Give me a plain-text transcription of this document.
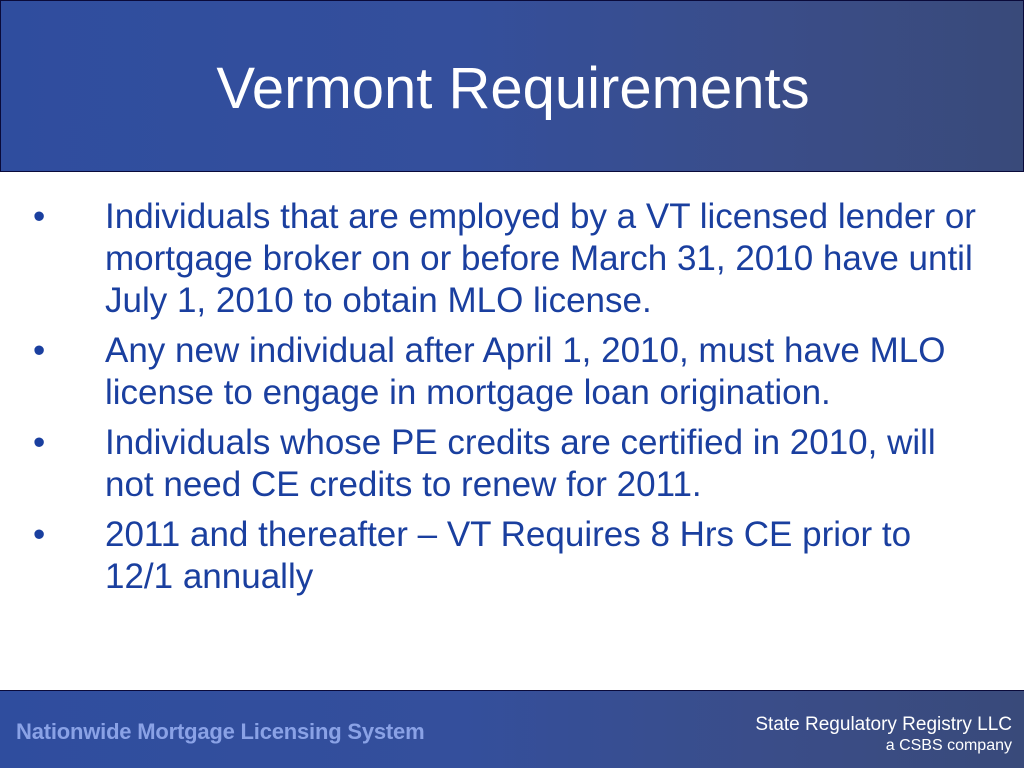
Vermont Requirements
•	Individuals that are employed by a VT licensed lender or mortgage broker on or before March 31, 2010 have until July 1, 2010 to obtain MLO license.
•	Any new individual after April 1, 2010, must have MLO license to engage in mortgage loan origination.
•	Individuals whose PE credits are certified in 2010, will not need CE credits to renew for 2011.
•	2011 and thereafter – VT Requires 8 Hrs CE prior to 12/1 annually
Nationwide Mortgage Licensing System	State Regulatory Registry LLC
a CSBS company
